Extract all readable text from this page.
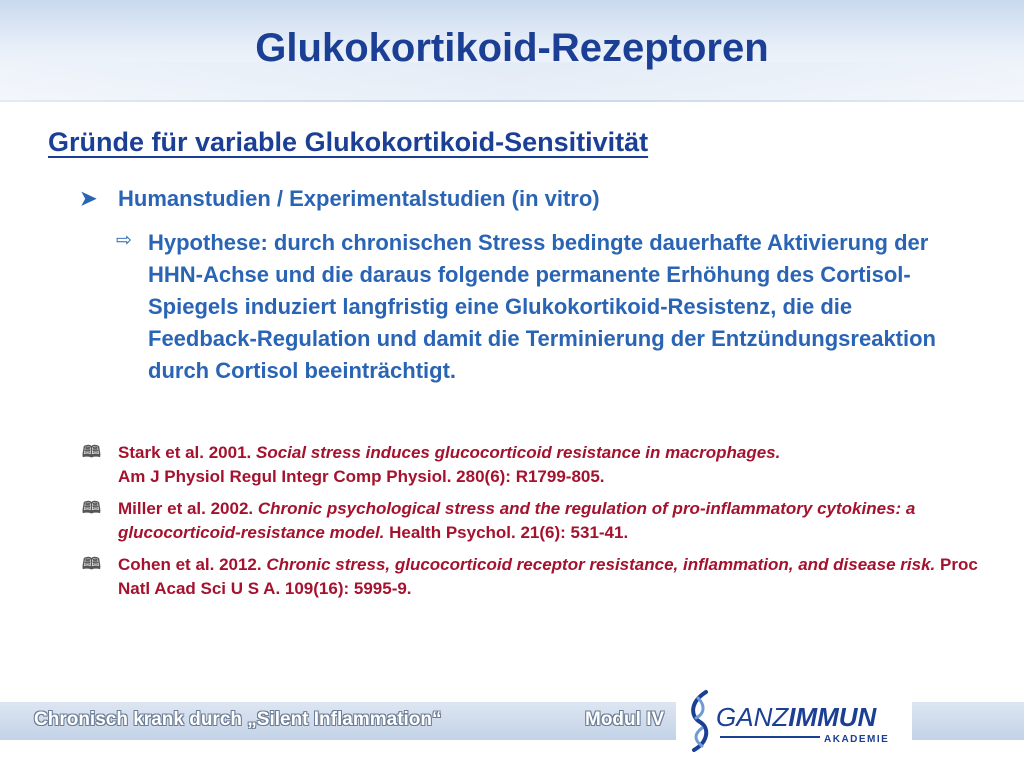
Glukokortikoid-Rezeptoren
Gründe für variable Glukokortikoid-Sensitivität
➤ Humanstudien / Experimentalstudien (in vitro)
⇨ Hypothese: durch chronischen Stress bedingte dauerhafte Aktivierung der HHN-Achse und die daraus folgende permanente Erhöhung des Cortisol-Spiegels induziert langfristig eine Glukokortikoid-Resistenz, die die Feedback-Regulation und damit die Terminierung der Entzündungsreaktion durch Cortisol beeinträchtigt.
🕮 Stark et al. 2001. Social stress induces glucocorticoid resistance in macrophages.
Am J Physiol Regul Integr Comp Physiol. 280(6): R1799-805.
🕮 Miller et al. 2002. Chronic psychological stress and the regulation of pro-inflammatory cytokines: a glucocorticoid-resistance model. Health Psychol. 21(6): 531-41.
🕮 Cohen et al. 2012. Chronic stress, glucocorticoid receptor resistance, inflammation, and disease risk. Proc Natl Acad Sci U S A. 109(16): 5995-9.
Chronisch krank durch „Silent Inflammation“	Modul IV GANZIMMUN
AKADEMIE
